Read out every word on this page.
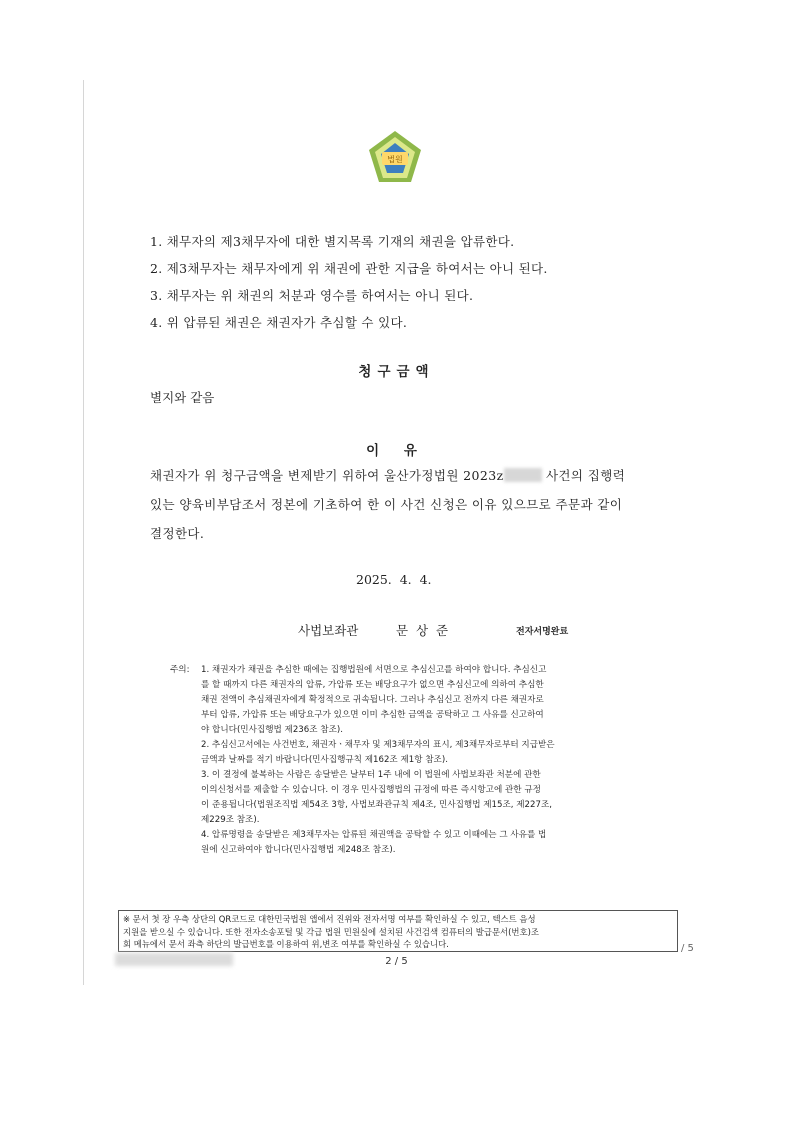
법원
1. 채무자의 제3채무자에 대한 별지목록 기재의 채권을 압류한다.
2. 제3채무자는 채무자에게 위 채권에 관한 지급을 하여서는 아니 된다.
3. 채무자는 위 채권의 처분과 영수를 하여서는 아니 된다.
4. 위 압류된 채권은 채권자가 추심할 수 있다.
청구금액
별지와 같음
이 유
채권자가 위 청구금액을 변제받기 위하여 울산가정법원 2023z	사건의 집행력
있는 양육비부담조서 정본에 기초하여 한 이 사건 신청은 이유 있으므로 주문과 같이
결정한다.
2025.  4.  4.
사법보좌관	문  상  준	전자서명완료
주의: 1. 채권자가 채권을 추심한 때에는 집행법원에 서면으로 추심신고를 하여야 합니다. 추심신고
를 할 때까지 다른 채권자의 압류, 가압류 또는 배당요구가 없으면 추심신고에 의하여 추심한
채권 전액이 추심채권자에게 확정적으로 귀속됩니다. 그러나 추심신고 전까지 다른 채권자로
부터 압류, 가압류 또는 배당요구가 있으면 이미 추심한 금액을 공탁하고 그 사유를 신고하여
야 합니다(민사집행법 제236조 참조).
2. 추심신고서에는 사건번호, 채권자ㆍ채무자 및 제3채무자의 표시, 제3채무자로부터 지급받은
금액과 날짜를 적기 바랍니다(민사집행규칙 제162조 제1항 참조).
3. 이 결정에 불복하는 사람은 송달받은 날부터 1주 내에 이 법원에 사법보좌관 처분에 관한
이의신청서를 제출할 수 있습니다. 이 경우 민사집행법의 규정에 따른 즉시항고에 관한 규정
이 준용됩니다(법원조직법 제54조 3항, 사법보좌관규칙 제4조, 민사집행법 제15조, 제227조,
제229조 참조).
4. 압류명령을 송달받은 제3채무자는 압류된 채권액을 공탁할 수 있고 이때에는 그 사유를 법
원에 신고하여야 합니다(민사집행법 제248조 참조).
※ 문서 첫 장 우측 상단의 QR코드로 대한민국법원 앱에서 진위와 전자서명 여부를 확인하실 수 있고, 텍스트 음성
지원을 받으실 수 있습니다. 또한 전자소송포털 및 각급 법원 민원실에 설치된 사건검색 컴퓨터의 발급문서(번호)조
회 메뉴에서 문서 좌측 하단의 발급번호를 이용하여 위,변조 여부를 확인하실 수 있습니다.	/ 5
2 / 5
